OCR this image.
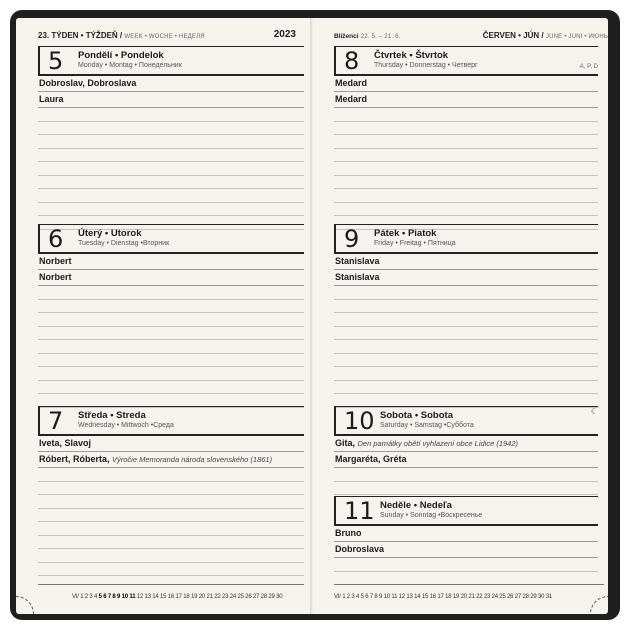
23. TÝDEN • TÝŽDEŇ / WEEK • WOCHE • НЕДЕЛЯ	2023
5 Pondělí • Pondelok
Monday • Montag • Понедельник
Dobroslav, Dobroslava
Laura
6 Úterý • Utorok
Tuesday • Dienstag •Вторник
Norbert
Norbert
7 Středa • Streda
Wednesday • Mittwoch •Среда
Iveta, Slavoj
Róbert, Róberta, Výročie Memoranda národa slovenského (1861)
VI/ 1 2 3 4 5 6 7 8 9 10 11 12 13 14 15 16 17 18 19 20 21 22 23 24 25 26 27 28 29 30
Blíženci 22. 5. – 21. 6.	ČERVEN • JÚN / JUNE • JUNI • ИЮНЬ
8 Čtvrtek • Štvrtok
Thursday • Donnerstag • Четверг	A, P, D
Medard
Medard
9 Pátek • Piatok
Friday • Freitag • Пятница
Stanislava
Stanislava
10 Sobota • Sobota
Saturday • Samstag •Суббота
☾
Gita, Den památky obětí vyhlazení obce Lidice (1942)
Margaréta, Gréta
11 Neděle • Nedeľa
Sunday • Sonntag •Воскресенье
Bruno
Dobroslava
VI/ 1 2 3 4 5 6 7 8 9 10 11 12 13 14 15 16 17 18 19 20 21 22 23 24 25 26 27 28 29 30 31
